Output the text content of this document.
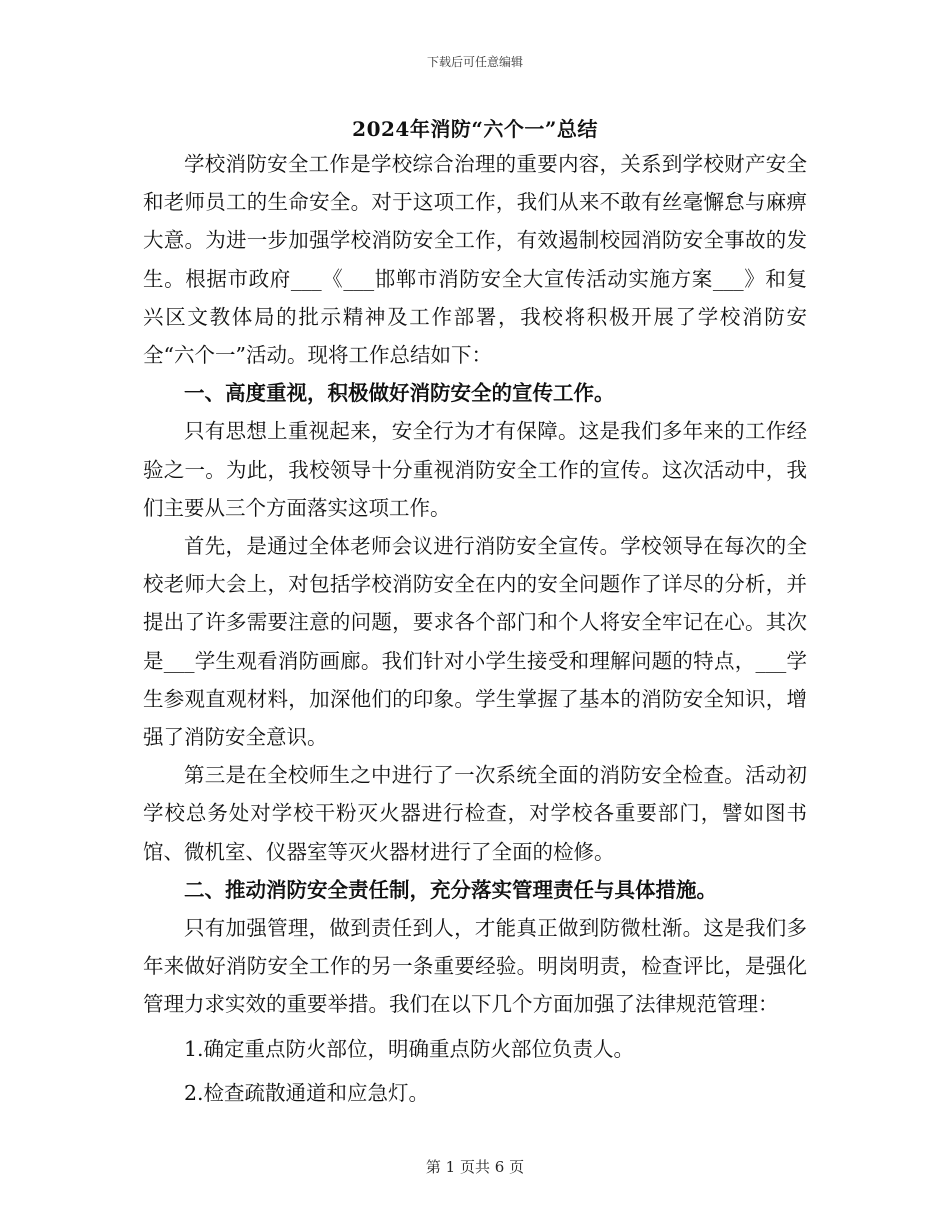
下载后可任意编辑
2024年消防“六个一”总结

学校消防安全工作是学校综合治理的重要内容，关系到学校财产安全和老师员工的生命安全。对于这项工作，我们从来不敢有丝毫懈怠与麻痹大意。为进一步加强学校消防安全工作，有效遏制校园消防安全事故的发生。根据市政府___《___邯郸市消防安全大宣传活动实施方案___》和复兴区文教体局的批示精神及工作部署，我校将积极开展了学校消防安全“六个一”活动。现将工作总结如下：

一、高度重视，积极做好消防安全的宣传工作。

只有思想上重视起来，安全行为才有保障。这是我们多年来的工作经验之一。为此，我校领导十分重视消防安全工作的宣传。这次活动中，我们主要从三个方面落实这项工作。

首先，是通过全体老师会议进行消防安全宣传。学校领导在每次的全校老师大会上，对包括学校消防安全在内的安全问题作了详尽的分析，并提出了许多需要注意的问题，要求各个部门和个人将安全牢记在心。其次是___学生观看消防画廊。我们针对小学生接受和理解问题的特点，___学生参观直观材料，加深他们的印象。学生掌握了基本的消防安全知识，增强了消防安全意识。

第三是在全校师生之中进行了一次系统全面的消防安全检查。活动初学校总务处对学校干粉灭火器进行检查，对学校各重要部门，譬如图书馆、微机室、仪器室等灭火器材进行了全面的检修。

二、推动消防安全责任制，充分落实管理责任与具体措施。

只有加强管理，做到责任到人，才能真正做到防微杜渐。这是我们多年来做好消防安全工作的另一条重要经验。明岗明责，检查评比，是强化管理力求实效的重要举措。我们在以下几个方面加强了法律规范管理：

1.确定重点防火部位，明确重点防火部位负责人。

2.检查疏散通道和应急灯。

第 1 页共 6 页
